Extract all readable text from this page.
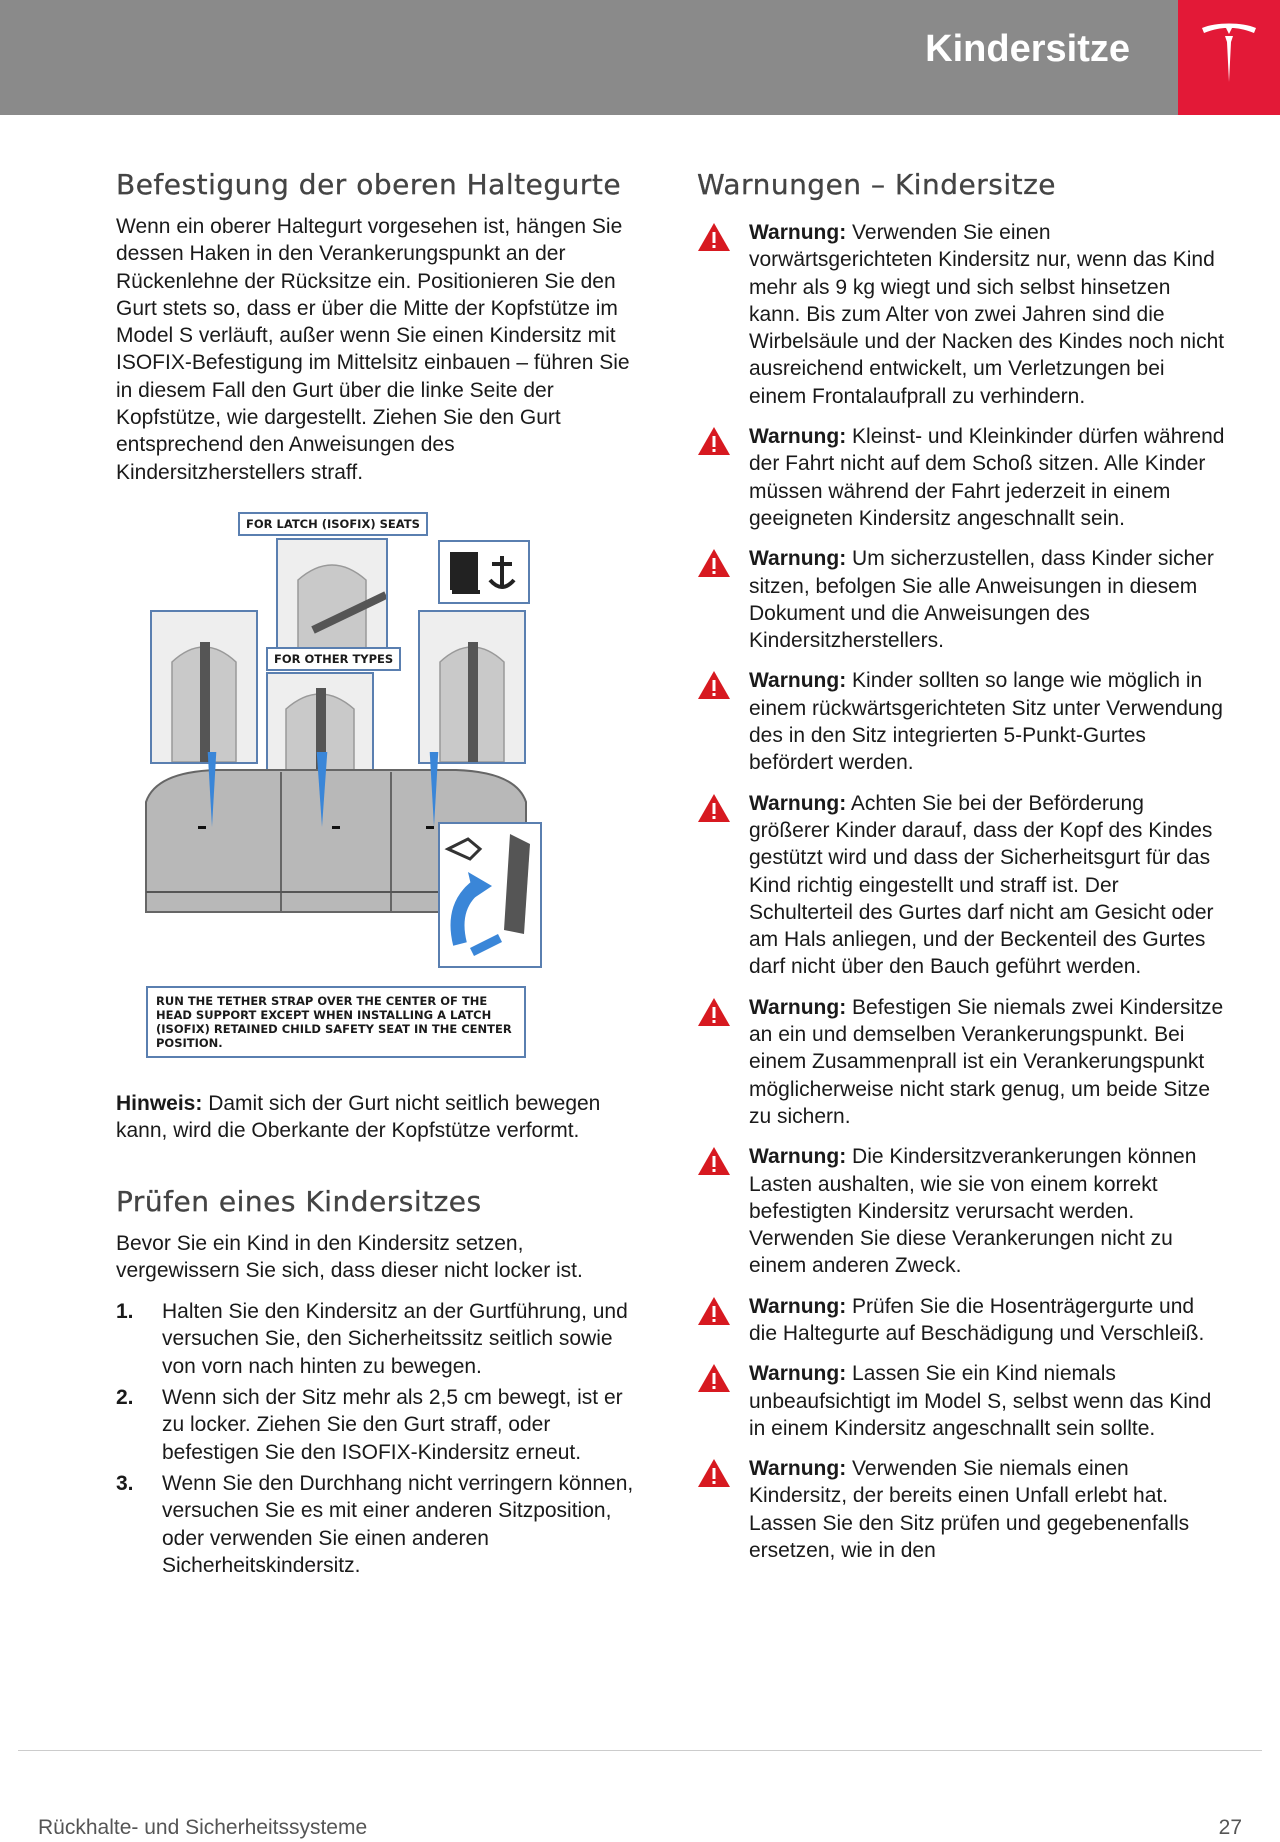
Kindersitze
Befestigung der oberen Haltegurte

Wenn ein oberer Haltegurt vorgesehen ist, hängen Sie dessen Haken in den Verankerungspunkt an der Rückenlehne der Rücksitze ein. Positionieren Sie den Gurt stets so, dass er über die Mitte der Kopfstütze im Model S verläuft, außer wenn Sie einen Kindersitz mit ISOFIX-Befestigung im Mittelsitz einbauen – führen Sie in diesem Fall den Gurt über die linke Seite der Kopfstütze, wie dargestellt. Ziehen Sie den Gurt entsprechend den Anweisungen des Kindersitzherstellers straff.

FOR LATCH (ISOFIX) SEATS
FOR OTHER TYPES
RUN THE TETHER STRAP OVER THE CENTER OF THE HEAD SUPPORT EXCEPT WHEN INSTALLING A LATCH (ISOFIX) RETAINED CHILD SAFETY SEAT IN THE CENTER POSITION.

Hinweis: Damit sich der Gurt nicht seitlich bewegen kann, wird die Oberkante der Kopfstütze verformt.

Prüfen eines Kindersitzes

Bevor Sie ein Kind in den Kindersitz setzen, vergewissern Sie sich, dass dieser nicht locker ist.

1. Halten Sie den Kindersitz an der Gurtführung, und versuchen Sie, den Sicherheitssitz seitlich sowie von vorn nach hinten zu bewegen.
2. Wenn sich der Sitz mehr als 2,5 cm bewegt, ist er zu locker. Ziehen Sie den Gurt straff, oder befestigen Sie den ISOFIX-Kindersitz erneut.
3. Wenn Sie den Durchhang nicht verringern können, versuchen Sie es mit einer anderen Sitzposition, oder verwenden Sie einen anderen Sicherheitskindersitz.
Warnungen – Kindersitze
Warnung: Verwenden Sie einen vorwärtsgerichteten Kindersitz nur, wenn das Kind mehr als 9 kg wiegt und sich selbst hinsetzen kann. Bis zum Alter von zwei Jahren sind die Wirbelsäule und der Nacken des Kindes noch nicht ausreichend entwickelt, um Verletzungen bei einem Frontalaufprall zu verhindern.
Warnung: Kleinst- und Kleinkinder dürfen während der Fahrt nicht auf dem Schoß sitzen. Alle Kinder müssen während der Fahrt jederzeit in einem geeigneten Kindersitz angeschnallt sein.
Warnung: Um sicherzustellen, dass Kinder sicher sitzen, befolgen Sie alle Anweisungen in diesem Dokument und die Anweisungen des Kindersitzherstellers.
Warnung: Kinder sollten so lange wie möglich in einem rückwärtsgerichteten Sitz unter Verwendung des in den Sitz integrierten 5-Punkt-Gurtes befördert werden.
Warnung: Achten Sie bei der Beförderung größerer Kinder darauf, dass der Kopf des Kindes gestützt wird und dass der Sicherheitsgurt für das Kind richtig eingestellt und straff ist. Der Schulterteil des Gurtes darf nicht am Gesicht oder am Hals anliegen, und der Beckenteil des Gurtes darf nicht über den Bauch geführt werden.
Warnung: Befestigen Sie niemals zwei Kindersitze an ein und demselben Verankerungspunkt. Bei einem Zusammenprall ist ein Verankerungspunkt möglicherweise nicht stark genug, um beide Sitze zu sichern.
Warnung: Die Kindersitzverankerungen können Lasten aushalten, wie sie von einem korrekt befestigten Kindersitz verursacht werden. Verwenden Sie diese Verankerungen nicht zu einem anderen Zweck.
Warnung: Prüfen Sie die Hosenträgergurte und die Haltegurte auf Beschädigung und Verschleiß.
Warnung: Lassen Sie ein Kind niemals unbeaufsichtigt im Model S, selbst wenn das Kind in einem Kindersitz angeschnallt sein sollte.
Warnung: Verwenden Sie niemals einen Kindersitz, der bereits einen Unfall erlebt hat. Lassen Sie den Sitz prüfen und gegebenenfalls ersetzen, wie in den
Rückhalte- und Sicherheitssysteme	27
